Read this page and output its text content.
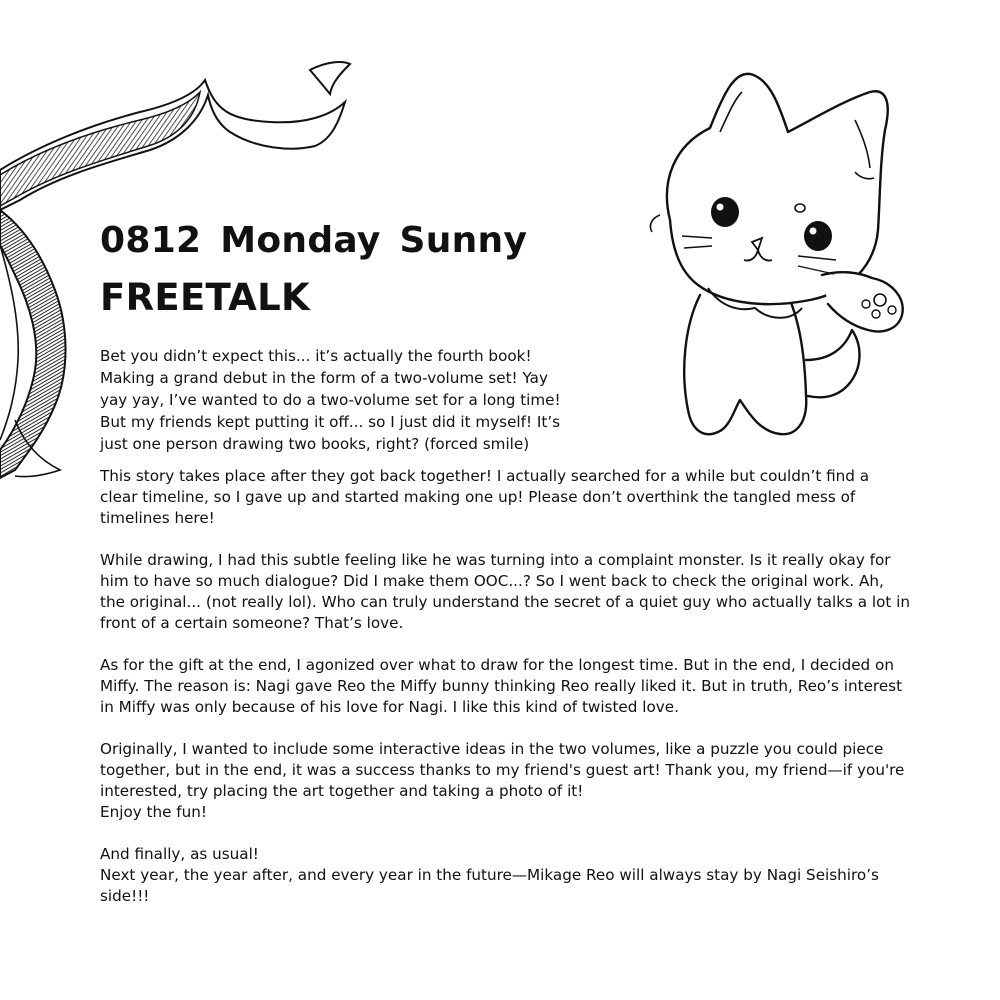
0812 Monday Sunny
FREETALK

Bet you didn’t expect this... it’s actually the fourth book!
Making a grand debut in the form of a two-volume set! Yay
yay yay, I’ve wanted to do a two-volume set for a long time!
But my friends kept putting it off... so I just did it myself! It’s
just one person drawing two books, right? (forced smile)

This story takes place after they got back together! I actually searched for a while but couldn’t find a clear timeline, so I gave up and started making one up! Please don’t overthink the tangled mess of timelines here!

While drawing, I had this subtle feeling like he was turning into a complaint monster. Is it really okay for him to have so much dialogue? Did I make them OOC...? So I went back to check the original work. Ah, the original... (not really lol). Who can truly understand the secret of a quiet guy who actually talks a lot in front of a certain someone? That’s love.

As for the gift at the end, I agonized over what to draw for the longest time. But in the end, I decided on Miffy. The reason is: Nagi gave Reo the Miffy bunny thinking Reo really liked it. But in truth, Reo’s interest in Miffy was only because of his love for Nagi. I like this kind of twisted love.

Originally, I wanted to include some interactive ideas in the two volumes, like a puzzle you could piece together, but in the end, it was a success thanks to my friend's guest art! Thank you, my friend—if you're interested, try placing the art together and taking a photo of it!

Enjoy the fun!

And finally, as usual!

Next year, the year after, and every year in the future—Mikage Reo will always stay by Nagi Seishiro’s side!!!
